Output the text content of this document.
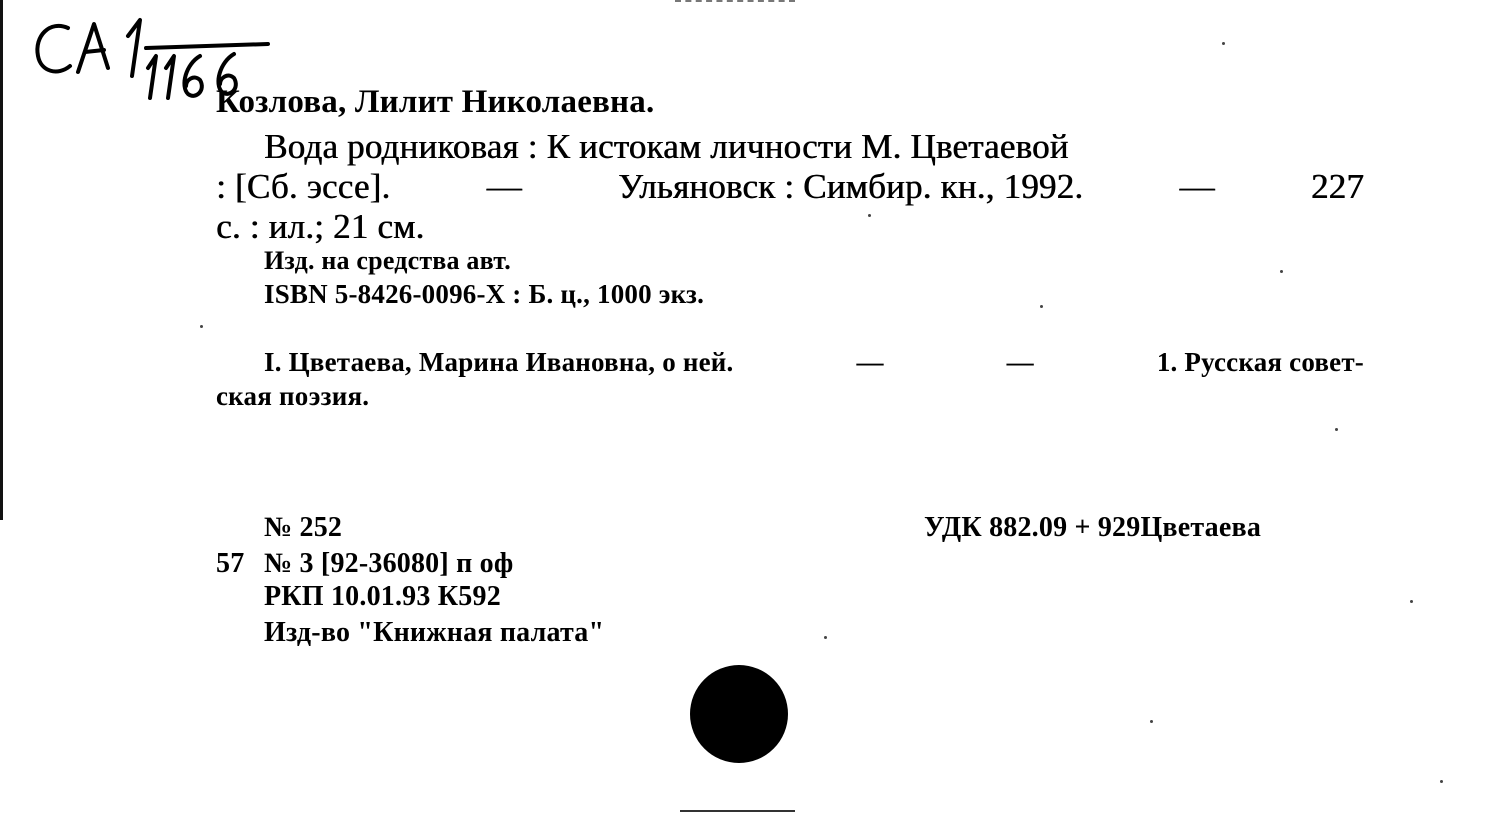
Козлова, Лилит Николаевна.
Вода родниковая : К истокам личности М. Цветаевой
: [Сб. эссе].	—	Ульяновск : Симбир. кн., 1992.	—	227
с. : ил.; 21 см.
Изд. на средства авт.
ISBN 5-8426-0096-X : Б. ц., 1000 экз.
I. Цветаева, Марина Ивановна, о ней.	—	—	1. Русская совет-
ская поэзия.
№ 252	УДК 882.09 + 929Цветаева
57 № 3 [92-36080] п оф
РКП 10.01.93 К592
Изд-во "Книжная палата"
